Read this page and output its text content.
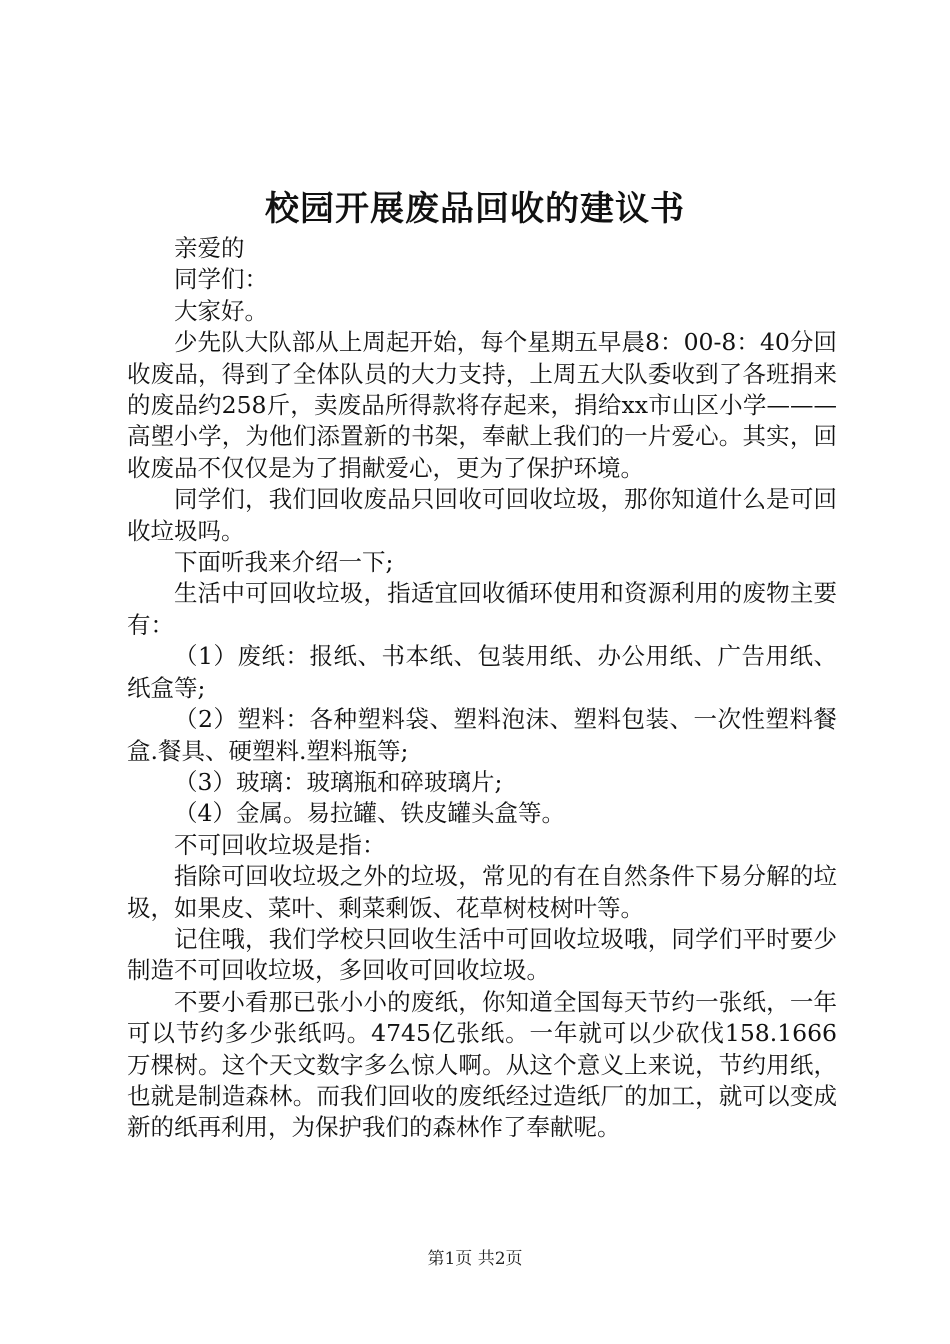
校园开展废品回收的建议书

亲爱的

同学们：

大家好。

少先队大队部从上周起开始，每个星期五早晨8：00-8：40分回收废品，得到了全体队员的大力支持，上周五大队委收到了各班捐来的废品约258斤，卖废品所得款将存起来，捐给xx市山区小学———高塱小学，为他们添置新的书架，奉献上我们的一片爱心。其实，回收废品不仅仅是为了捐献爱心，更为了保护环境。

同学们，我们回收废品只回收可回收垃圾，那你知道什么是可回收垃圾吗。

下面听我来介绍一下;

生活中可回收垃圾，指适宜回收循环使用和资源利用的废物主要有：

（1）废纸：报纸、书本纸、包装用纸、办公用纸、广告用纸、纸盒等;

（2）塑料：各种塑料袋、塑料泡沫、塑料包装、一次性塑料餐盒.餐具、硬塑料.塑料瓶等;

（3）玻璃：玻璃瓶和碎玻璃片;

（4）金属。易拉罐、铁皮罐头盒等。

不可回收垃圾是指：

指除可回收垃圾之外的垃圾，常见的有在自然条件下易分解的垃圾，如果皮、菜叶、剩菜剩饭、花草树枝树叶等。

记住哦，我们学校只回收生活中可回收垃圾哦，同学们平时要少制造不可回收垃圾，多回收可回收垃圾。

不要小看那已张小小的废纸，你知道全国每天节约一张纸，一年可以节约多少张纸吗。4745亿张纸。一年就可以少砍伐158.1666万棵树。这个天文数字多么惊人啊。从这个意义上来说，节约用纸，也就是制造森林。而我们回收的废纸经过造纸厂的加工，就可以变成新的纸再利用，为保护我们的森林作了奉献呢。

第1页 共2页
